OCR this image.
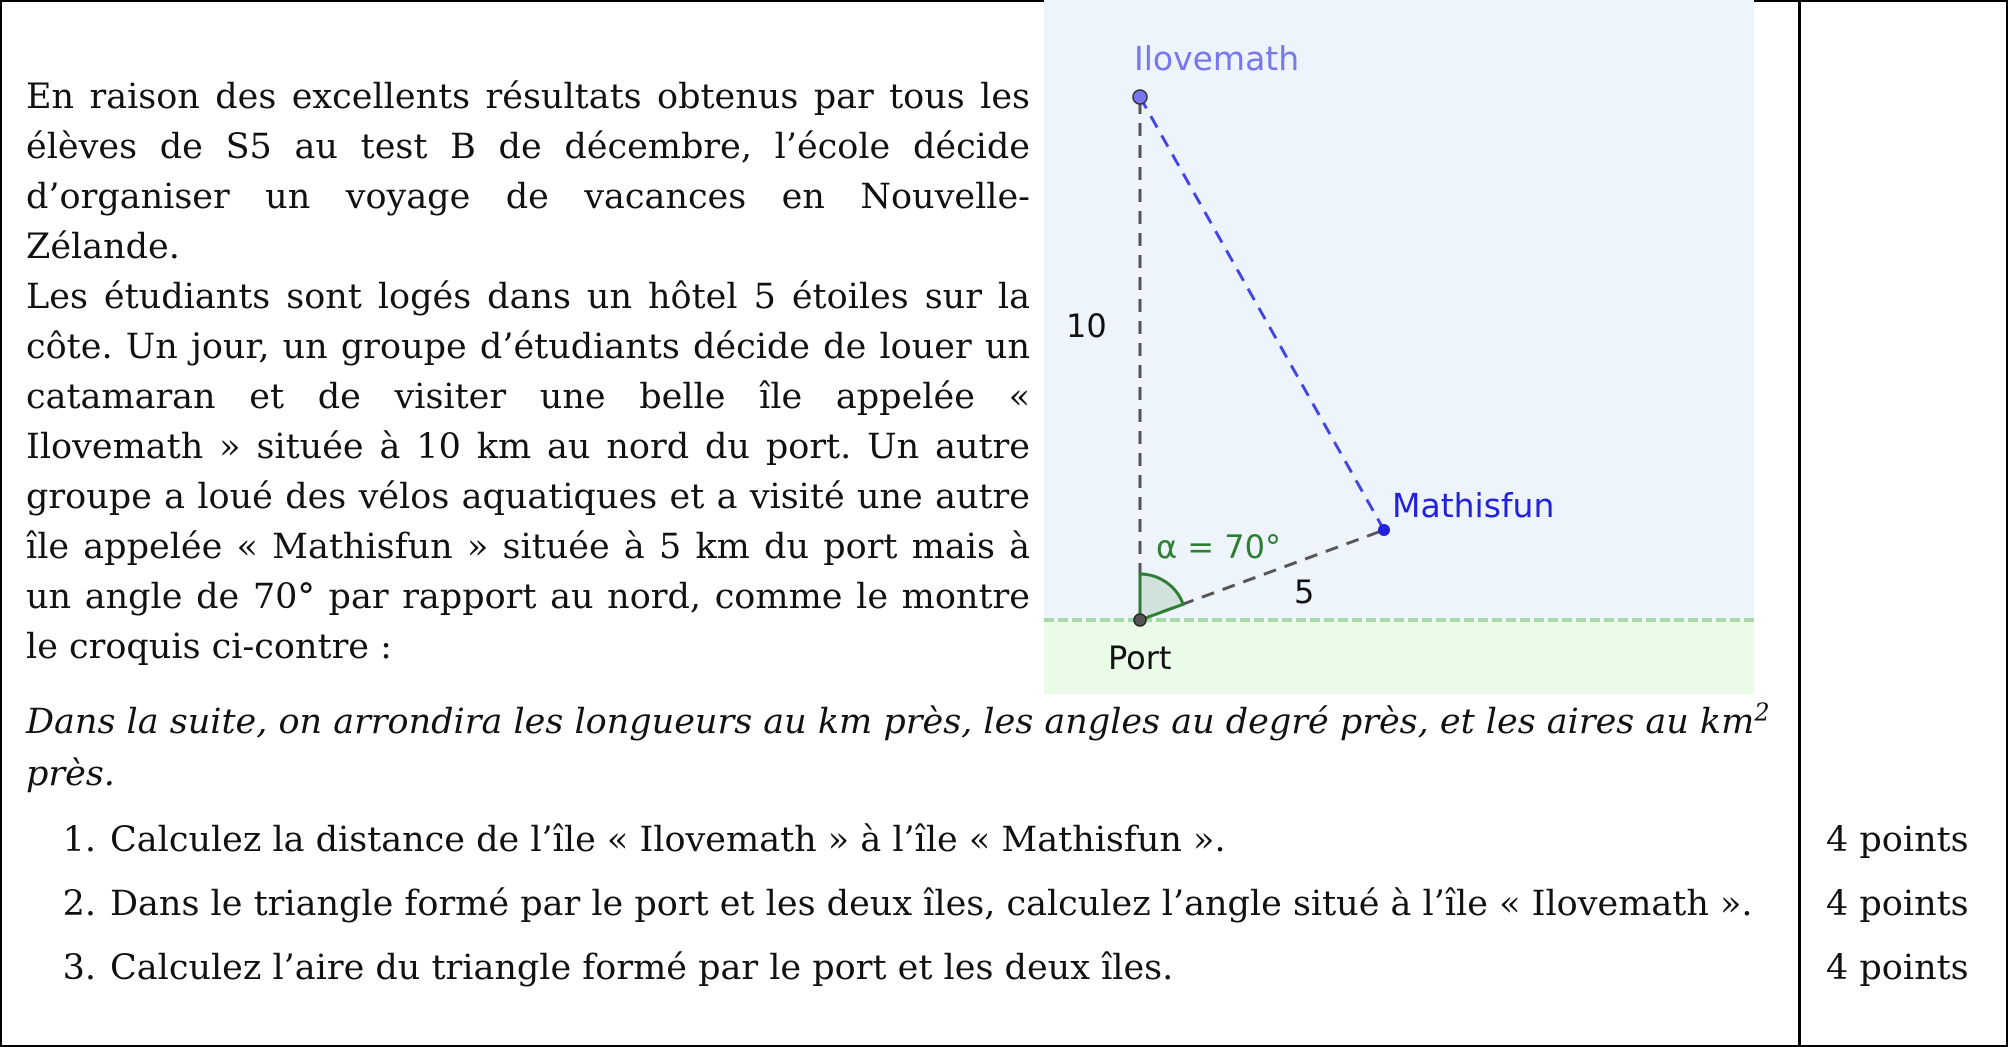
En raison des excellents résultats obtenus par tous les élèves de S5 au test B de décembre, l’école décide d’organiser un voyage de vacances en Nouvelle-Zélande.

Les étudiants sont logés dans un hôtel 5 étoiles sur la côte. Un jour, un groupe d’étudiants décide de louer un catamaran et de visiter une belle île appelée « Ilovemath » située à 10 km au nord du port. Un autre groupe a loué des vélos aquatiques et a visité une autre île appelée « Mathisfun » située à 5 km du port mais à un angle de 70° par rapport au nord, comme le montre le croquis ci-contre :

Ilovemath
Mathisfun
Port
10
5
α = 70°
Dans la suite, on arrondira les longueurs au km près, les angles au degré près, et les aires au $km^2$ près.
1. Calculez la distance de l’île « Ilovemath » à l’île « Mathisfun ».	4 points
2. Dans le triangle formé par le port et les deux îles, calculez l’angle situé à l’île « Ilovemath ». 4 points
3. Calculez l’aire du triangle formé par le port et les deux îles.	4 points
